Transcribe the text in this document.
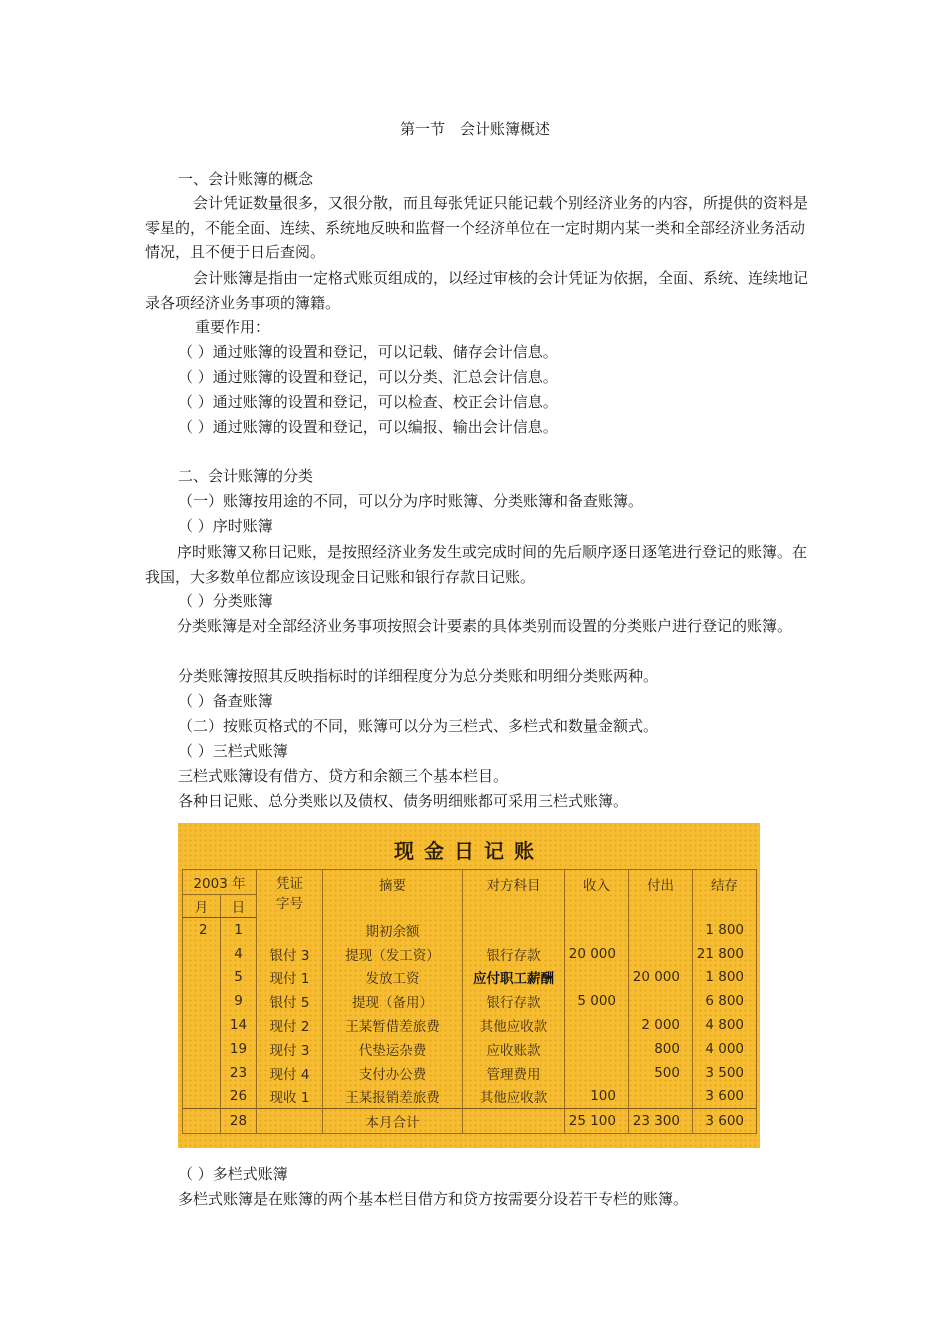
第一节　会计账簿概述
一、会计账簿的概念
会计凭证数量很多，又很分散，而且每张凭证只能记载个别经济业务的内容，所提供的资料是零星的，不能全面、连续、系统地反映和监督一个经济单位在一定时期内某一类和全部经济业务活动情况，且不便于日后查阅。
会计账簿是指由一定格式账页组成的，以经过审核的会计凭证为依据，全面、系统、连续地记录各项经济业务事项的簿籍。
重要作用：
（ ）通过账簿的设置和登记，可以记载、储存会计信息。
（ ）通过账簿的设置和登记，可以分类、汇总会计信息。
（ ）通过账簿的设置和登记，可以检查、校正会计信息。
（ ）通过账簿的设置和登记，可以编报、输出会计信息。
二、会计账簿的分类
（一）账簿按用途的不同，可以分为序时账簿、分类账簿和备查账簿。
（ ）序时账簿
序时账簿又称日记账，是按照经济业务发生或完成时间的先后顺序逐日逐笔进行登记的账簿。在我国，大多数单位都应该设现金日记账和银行存款日记账。
（ ）分类账簿
分类账簿是对全部经济业务事项按照会计要素的具体类别而设置的分类账户进行登记的账簿。
分类账簿按照其反映指标时的详细程度分为总分类账和明细分类账两种。
（ ）备查账簿
（二）按账页格式的不同，账簿可以分为三栏式、多栏式和数量金额式。
（ ）三栏式账簿
三栏式账簿设有借方、贷方和余额三个基本栏目。
各种日记账、总分类账以及债权、债务明细账都可采用三栏式账簿。
现金日记账
2003 年		凭证字号	摘要	对方科目	收入	付出	结存
月	日						
2	1		期初余额				1 800
	4	银付 3	提现（发工资）	银行存款	20 000		21 800
	5	现付 1	发放工资	应付职工薪酬		20 000	1 800
	9	银付 5	提现（备用）	银行存款	5 000		6 800
	14	现付 2	王某暂借差旅费	其他应收款		2 000	4 800
	19	现付 3	代垫运杂费	应收账款		800	4 000
	23	现付 4	支付办公费	管理费用		500	3 500
	26	现收 1	王某报销差旅费	其他应收款	100		3 600
	28		本月合计		25 100	23 300	3 600
（ ）多栏式账簿
多栏式账簿是在账簿的两个基本栏目借方和贷方按需要分设若干专栏的账簿。
